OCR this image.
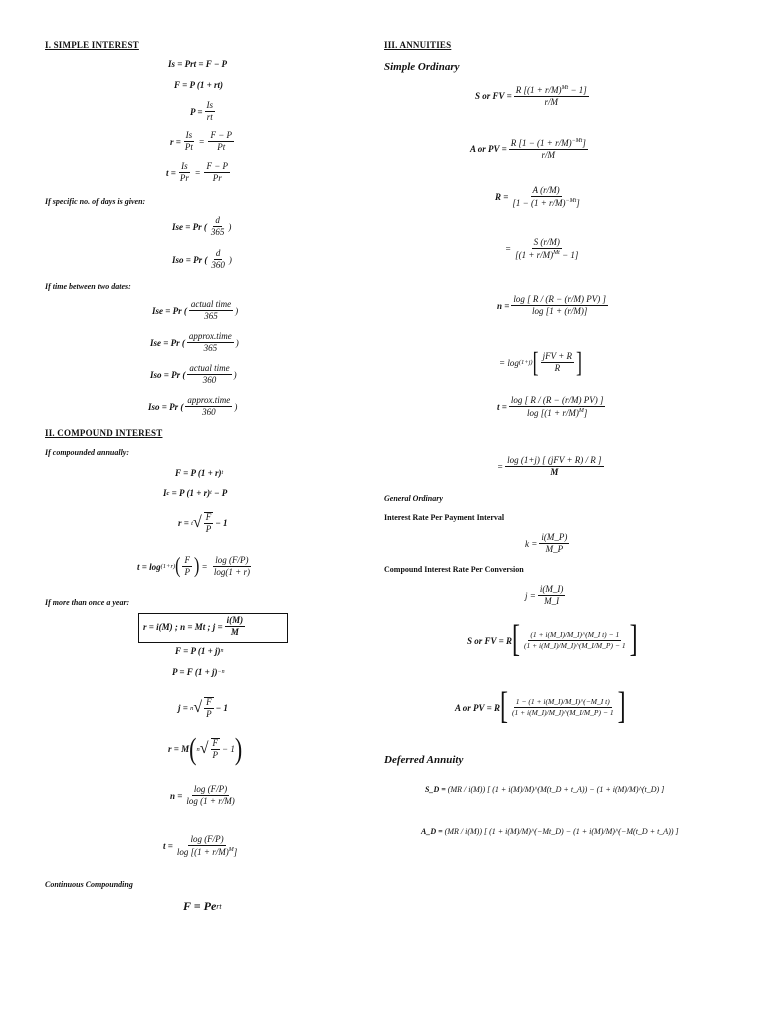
I. SIMPLE INTEREST
Is = Prt = F − P
F = P (1 + rt)
$P = \frac{Is}{rt}$
$r = \frac{Is}{Pt} = \frac{F - P}{Pt}$
$t = \frac{Is}{Pr} = \frac{F - P}{Pr}$
If specific no. of days is given:
Ise = Pr ( $\frac{d}{365}$ )
Iso = Pr ( $\frac{d}{360}$ )
If time between two dates:
Ise = Pr ( $\frac{\text{actual time}}{365}$ )
Ise = Pr ( $\frac{\text{approx.time}}{365}$ )
Iso = Pr ( $\frac{\text{actual time}}{360}$ )
Iso = Pr ( $\frac{\text{approx.time}}{360}$ )
II. COMPOUND INTEREST
If compounded annually:
F = P (1 + r) t
I c
= P (1 + r) t
− P
r =
t √ $\frac{F}{P} - 1$
t = log (1+r) ( $\frac{F}{P}$ )
=
$\frac{\log (F/P)}{\log(1 + r)}$
If more than once a year:
r = i(M) ; n = Mt ; $j = \frac{i(M)}{M}$
F = P (1 + j) n
P = F (1 + j) −n
j =
n √ $\frac{F}{P} - 1$
r = M ( n √ $\frac{F}{P} - 1$ )
$n = \frac{\log (F/P)}{\log (1 + r/M)}$
$t = \frac{\log (F/P)}{\log [(1 + r/M)^M]}$
Continuous Compounding
F = Pe rt
III. ANNUITIES
Simple Ordinary
S or FV = $\frac{R [(1 + r/M)^{Mt} - 1]}{r/M}$
A or PV = $\frac{R [1 - (1 + r/M)^{-Mt}]}{r/M}$
$R = \frac{A (r/M)}{[1 - (1 + r/M)^{-Mt}]}$
= $\frac{S (r/M)}{[(1 + r/M)^{Mt} - 1]}$
$n = \frac{\log [ R / (R - (r/M) PV) ]}{\log [1 + (r/M)]}$
= log (1+j) [ $\frac{\text{jFV + R}}{R}$ ]
$t = \frac{\log [ R / (R - (r/M) PV) ]}{\log [(1 + r/M)^M]}$
= $\frac{\text{log (1+j) [ (jFV + R) / R ]}}{M}$
General Ordinary
Interest Rate Per Payment Interval
$k = \frac{i(M\_P)}{M\_P}$
Compound Interest Rate Per Conversion
$j = \frac{i(M\_I)}{M\_I}$
S or FV = R [ $\frac{\text{(1 + i(M\_I)/M\_I)\textasciicircum{}(M\_I t) − 1}}{(1 + i(M\_I)/M\_I)\^{}(M\_I/M\_P) - 1}$ ]
A or PV = R [ $\frac{\text{1 − (1 + i(M\_I)/M\_I)\textasciicircum{}(−M\_I t)}}{(1 + i(M\_I)/M\_I)\^{}(M\_I/M\_P) - 1}$ ]
Deferred Annuity
S_D =
(MR / i(M)) [ (1 + i(M)/M)^(M(t_D + t_A)) − (1 + i(M)/M)^(t_D) ]
A_D =
(MR / i(M)) [ (1 + i(M)/M)^(−Mt_D) − (1 + i(M)/M)^(−M(t_D + t_A)) ]
